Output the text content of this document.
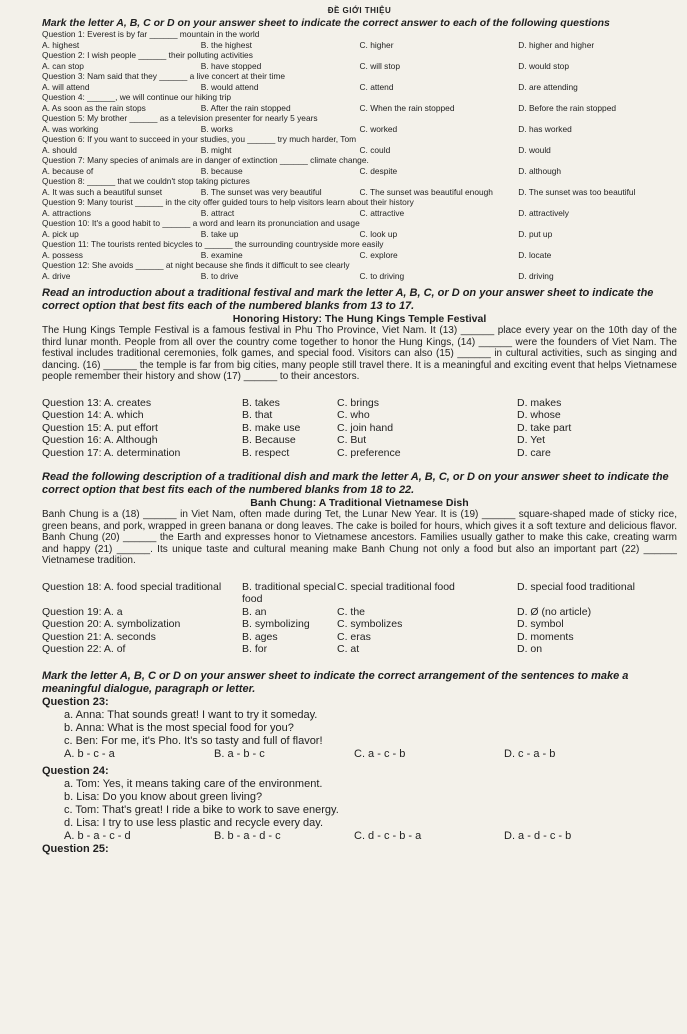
ĐỀ GIỚI THIỆU
Mark the letter A, B, C or D on your answer sheet to indicate the correct answer to each of the following questions
Question 1: Everest is by far ______ mountain in the world
A. highest	B. the highest	C. higher	D. higher and higher
Question 2: I wish people ______ their polluting activities
A. can stop	B. have stopped	C. will stop	D. would stop
Question 3: Nam said that they ______ a live concert at their time
A. will attend	B. would attend	C. attend	D. are attending
Question 4: ______, we will continue our hiking trip
A. As soon as the rain stops	B. After the rain stopped	C. When the rain stopped	D. Before the rain stopped
Question 5: My brother ______ as a television presenter for nearly 5 years
A. was working	B. works	C. worked	D. has worked
Question 6: If you want to succeed in your studies, you ______ try much harder, Tom
A. should	B. might	C. could	D. would
Question 7: Many species of animals are in danger of extinction ______ climate change.
A. because of	B. because	C. despite	D. although
Question 8: ______ that we couldn't stop taking pictures
A. It was such a beautiful sunset	B. The sunset was very beautiful	C. The sunset was beautiful enough	D. The sunset was too beautiful
Question 9: Many tourist ______ in the city offer guided tours to help visitors learn about their history
A. attractions	B. attract	C. attractive	D. attractively
Question 10: It's a good habit to ______ a word and learn its pronunciation and usage
A. pick up	B. take up	C. look up	D. put up
Question 11: The tourists rented bicycles to ______ the surrounding countryside more easily
A. possess	B. examine	C. explore	D. locate
Question 12: She avoids ______ at night because she finds it difficult to see clearly
A. drive	B. to drive	C. to driving	D. driving
Read an introduction about a traditional festival and mark the letter A, B, C, or D on your answer sheet to indicate the correct option that best fits each of the numbered blanks from 13 to 17.
Honoring History: The Hung Kings Temple Festival
The Hung Kings Temple Festival is a famous festival in Phu Tho Province, Viet Nam. It (13) ______ place every year on the 10th day of the third lunar month. People from all over the country come together to honor the Hung Kings, (14) ______ were the founders of Viet Nam. The festival includes traditional ceremonies, folk games, and special food. Visitors can also (15) ______ in cultural activities, such as singing and dancing. (16) ______ the temple is far from big cities, many people still travel there. It is a meaningful and exciting event that helps Vietnamese people remember their history and show (17) ______ to their ancestors.
Question 13: A. creates	B. takes	C. brings	D. makes
Question 14: A. which	B. that	C. who	D. whose
Question 15: A. put effort	B. make use	C. join hand	D. take part
Question 16: A. Although	B. Because	C. But	D. Yet
Question 17: A. determination	B. respect	C. preference	D. care
Read the following description of a traditional dish and mark the letter A, B, C, or D on your answer sheet to indicate the correct option that best fits each of the numbered blanks from 18 to 22.
Banh Chung: A Traditional Vietnamese Dish
Banh Chung is a (18) ______ in Viet Nam, often made during Tet, the Lunar New Year. It is (19) ______ square-shaped made of sticky rice, green beans, and pork, wrapped in green banana or dong leaves. The cake is boiled for hours, which gives it a soft texture and delicious flavor. Banh Chung (20) ______ the Earth and expresses honor to Vietnamese ancestors. Families usually gather to make this cake, creating warm and happy (21) ______. Its unique taste and cultural meaning make Banh Chung not only a food but also an important part (22) ______ Vietnamese tradition.
Question 18: A. food special traditional	B. traditional special food
C. special traditional food	D. special food traditional
Question 19: A. a	B. an	C. the	D. Ø (no article)
Question 20: A. symbolization	B. symbolizing	C. symbolizes	D. symbol
Question 21: A. seconds	B. ages	C. eras	D. moments
Question 22: A. of	B. for	C. at	D. on
Mark the letter A, B, C or D on your answer sheet to indicate the correct arrangement of the sentences to make a meaningful dialogue, paragraph or letter.
Question 23:
a. Anna: That sounds great! I want to try it someday.
b. Anna: What is the most special food for you?
c. Ben: For me, it's Pho. It's so tasty and full of flavor!
A. b - c - a	B. a - b - c	C. a - c - b	D. c - a - b
Question 24:
a. Tom: Yes, it means taking care of the environment.
b. Lisa: Do you know about green living?
c. Tom: That's great! I ride a bike to work to save energy.
d. Lisa: I try to use less plastic and recycle every day.
A. b - a - c - d	B. b - a - d - c	C. d - c - b - a	D. a - d - c - b
Question 25:
